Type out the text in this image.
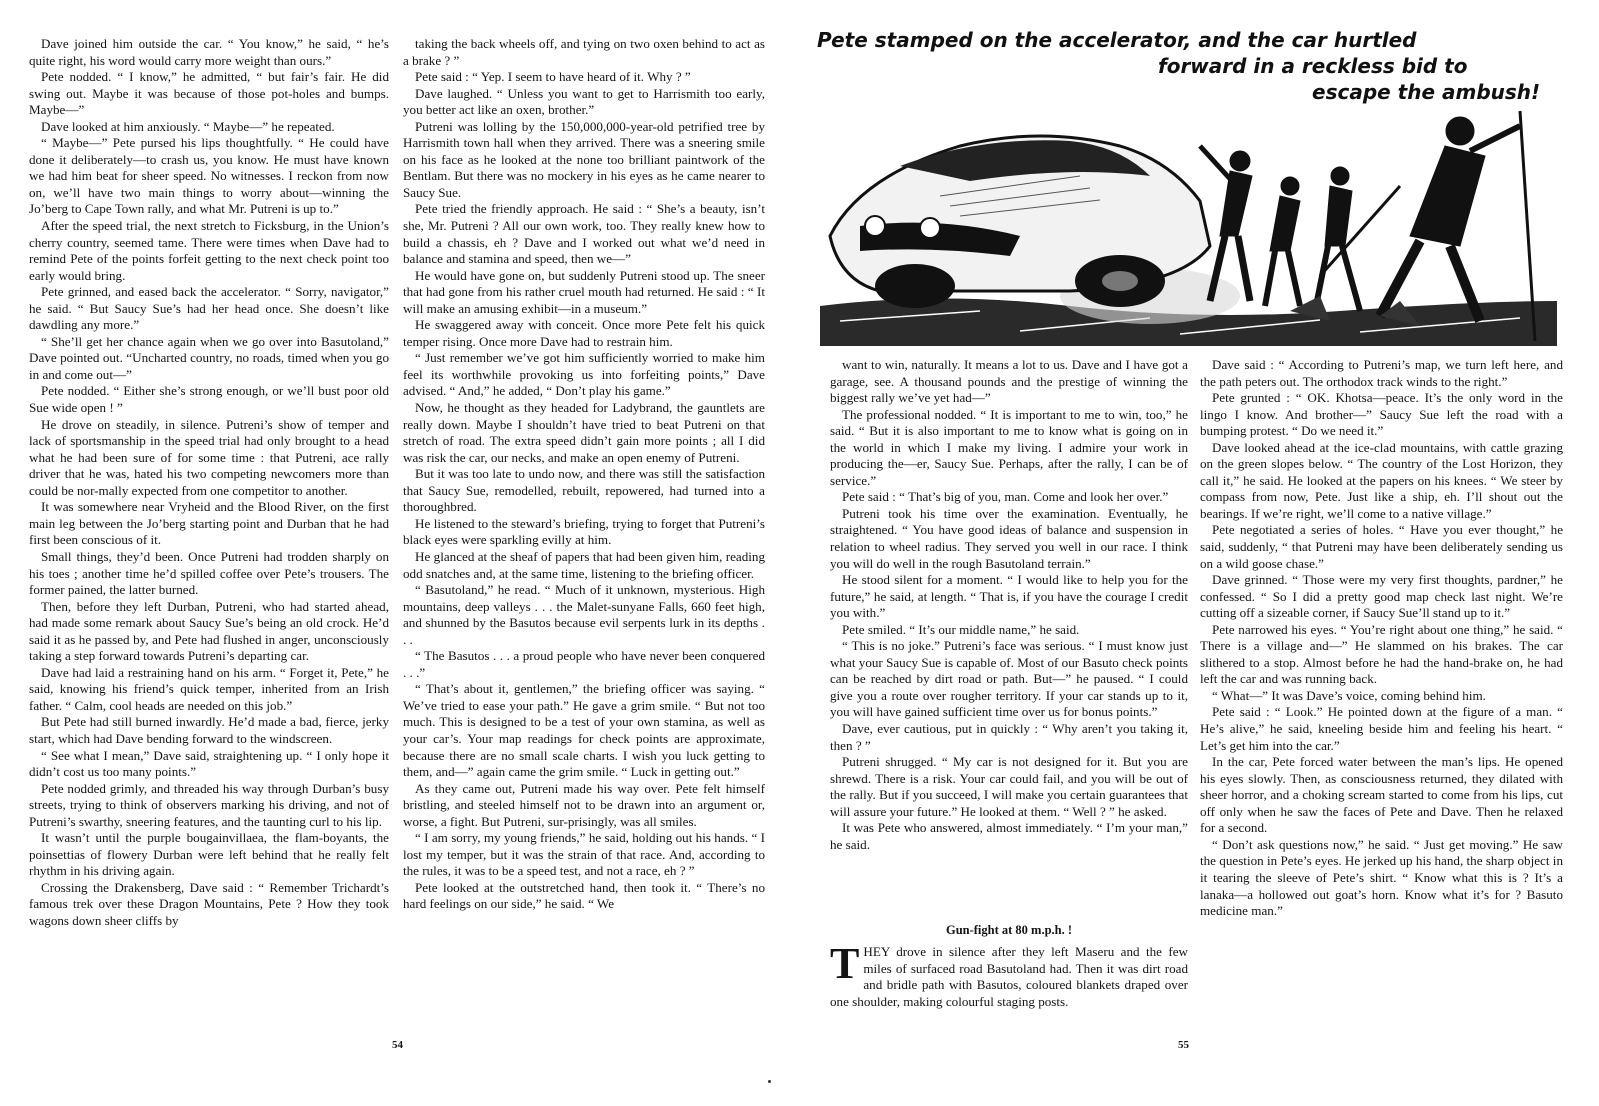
Dave joined him outside the car. “ You know,” he said, “ he’s quite right, his word would carry more weight than ours.”

Pete nodded. “ I know,” he admitted, “ but fair’s fair. He did swing out. Maybe it was because of those pot-holes and bumps. Maybe—”

Dave looked at him anxiously. “ Maybe—” he repeated.

“ Maybe—” Pete pursed his lips thoughtfully. “ He could have done it deliberately—to crash us, you know. He must have known we had him beat for sheer speed. No witnesses. I reckon from now on, we’ll have two main things to worry about—winning the Jo’berg to Cape Town rally, and what Mr. Putreni is up to.”

After the speed trial, the next stretch to Ficksburg, in the Union’s cherry country, seemed tame. There were times when Dave had to remind Pete of the points forfeit getting to the next check point too early would bring.

Pete grinned, and eased back the accelerator. “ Sorry, navigator,” he said. “ But Saucy Sue’s had her head once. She doesn’t like dawdling any more.”

“ She’ll get her chance again when we go over into Basutoland,” Dave pointed out. “Uncharted country, no roads, timed when you go in and come out—”

Pete nodded. “ Either she’s strong enough, or we’ll bust poor old Sue wide open ! ”

He drove on steadily, in silence. Putreni’s show of temper and lack of sportsmanship in the speed trial had only brought to a head what he had been sure of for some time : that Putreni, ace rally driver that he was, hated his two competing newcomers more than could be nor-mally expected from one competitor to another.

It was somewhere near Vryheid and the Blood River, on the first main leg between the Jo’berg starting point and Durban that he had first been conscious of it.

Small things, they’d been. Once Putreni had trodden sharply on his toes ; another time he’d spilled coffee over Pete’s trousers. The former pained, the latter burned.

Then, before they left Durban, Putreni, who had started ahead, had made some remark about Saucy Sue’s being an old crock. He’d said it as he passed by, and Pete had flushed in anger, unconsciously taking a step forward towards Putreni’s departing car.

Dave had laid a restraining hand on his arm. “ Forget it, Pete,” he said, knowing his friend’s quick temper, inherited from an Irish father. “ Calm, cool heads are needed on this job.”

But Pete had still burned inwardly. He’d made a bad, fierce, jerky start, which had Dave bending forward to the windscreen.

“ See what I mean,” Dave said, straightening up. “ I only hope it didn’t cost us too many points.”

Pete nodded grimly, and threaded his way through Durban’s busy streets, trying to think of observers marking his driving, and not of Putreni’s swarthy, sneering features, and the taunting curl to his lip.

It wasn’t until the purple bougainvillaea, the flam-boyants, the poinsettias of flowery Durban were left behind that he really felt rhythm in his driving again.

Crossing the Drakensberg, Dave said : “ Remember Trichardt’s famous trek over these Dragon Mountains, Pete ? How they took wagons down sheer cliffs by

taking the back wheels off, and tying on two oxen behind to act as a brake ? ”

Pete said : “ Yep. I seem to have heard of it. Why ? ”

Dave laughed. “ Unless you want to get to Harrismith too early, you better act like an oxen, brother.”

Putreni was lolling by the 150,000,000-year-old petrified tree by Harrismith town hall when they arrived. There was a sneering smile on his face as he looked at the none too brilliant paintwork of the Bentlam. But there was no mockery in his eyes as he came nearer to Saucy Sue.

Pete tried the friendly approach. He said : “ She’s a beauty, isn’t she, Mr. Putreni ? All our own work, too. They really knew how to build a chassis, eh ? Dave and I worked out what we’d need in balance and stamina and speed, then we—”

He would have gone on, but suddenly Putreni stood up. The sneer that had gone from his rather cruel mouth had returned. He said : “ It will make an amusing exhibit—in a museum.”

He swaggered away with conceit. Once more Pete felt his quick temper rising. Once more Dave had to restrain him.

“ Just remember we’ve got him sufficiently worried to make him feel its worthwhile provoking us into forfeiting points,” Dave advised. “ And,” he added, “ Don’t play his game.”

Now, he thought as they headed for Ladybrand, the gauntlets are really down. Maybe I shouldn’t have tried to beat Putreni on that stretch of road. The extra speed didn’t gain more points ; all I did was risk the car, our necks, and make an open enemy of Putreni.

But it was too late to undo now, and there was still the satisfaction that Saucy Sue, remodelled, rebuilt, repowered, had turned into a thoroughbred.

He listened to the steward’s briefing, trying to forget that Putreni’s black eyes were sparkling evilly at him.

He glanced at the sheaf of papers that had been given him, reading odd snatches and, at the same time, listening to the briefing officer.

“ Basutoland,” he read. “ Much of it unknown, mysterious. High mountains, deep valleys . . . the Malet-sunyane Falls, 660 feet high, and shunned by the Basutos because evil serpents lurk in its depths . . .

“ The Basutos . . . a proud people who have never been conquered . . .”

“ That’s about it, gentlemen,” the briefing officer was saying. “ We’ve tried to ease your path.” He gave a grim smile. “ But not too much. This is designed to be a test of your own stamina, as well as your car’s. Your map readings for check points are approximate, because there are no small scale charts. I wish you luck getting to them, and—” again came the grim smile. “ Luck in getting out.”

As they came out, Putreni made his way over. Pete felt himself bristling, and steeled himself not to be drawn into an argument or, worse, a fight. But Putreni, sur-prisingly, was all smiles.

“ I am sorry, my young friends,” he said, holding out his hands. “ I lost my temper, but it was the strain of that race. And, according to the rules, it was to be a speed test, and not a race, eh ? ”

Pete looked at the outstretched hand, then took it. “ There’s no hard feelings on our side,” he said. “ We

54
Pete stamped on the accelerator, and the car hurtled
forward in a reckless bid to
escape the ambush!

want to win, naturally. It means a lot to us. Dave and I have got a garage, see. A thousand pounds and the prestige of winning the biggest rally we’ve yet had—”

The professional nodded. “ It is important to me to win, too,” he said. “ But it is also important to me to know what is going on in the world in which I make my living. I admire your work in producing the—er, Saucy Sue. Perhaps, after the rally, I can be of service.”

Pete said : “ That’s big of you, man. Come and look her over.”

Putreni took his time over the examination. Eventually, he straightened. “ You have good ideas of balance and suspension in relation to wheel radius. They served you well in our race. I think you will do well in the rough Basutoland terrain.”

He stood silent for a moment. “ I would like to help you for the future,” he said, at length. “ That is, if you have the courage I credit you with.”

Pete smiled. “ It’s our middle name,” he said.

“ This is no joke.” Putreni’s face was serious. “ I must know just what your Saucy Sue is capable of. Most of our Basuto check points can be reached by dirt road or path. But—” he paused. “ I could give you a route over rougher territory. If your car stands up to it, you will have gained sufficient time over us for bonus points.”

Dave, ever cautious, put in quickly : “ Why aren’t you taking it, then ? ”

Putreni shrugged. “ My car is not designed for it. But you are shrewd. There is a risk. Your car could fail, and you will be out of the rally. But if you succeed, I will make you certain guarantees that will assure your future.” He looked at them. “ Well ? ” he asked.

It was Pete who answered, almost immediately. “ I’m your man,” he said.

Gun-fight at 80 m.p.h. !

THEY drove in silence after they left Maseru and the few miles of surfaced road Basutoland had. Then it was dirt road and bridle path with Basutos, coloured blankets draped over one shoulder, making colourful staging posts.

Dave said : “ According to Putreni’s map, we turn left here, and the path peters out. The orthodox track winds to the right.”

Pete grunted : “ OK. Khotsa—peace. It’s the only word in the lingo I know. And brother—” Saucy Sue left the road with a bumping protest. “ Do we need it.”

Dave looked ahead at the ice-clad mountains, with cattle grazing on the green slopes below. “ The country of the Lost Horizon, they call it,” he said. He looked at the papers on his knees. “ We steer by compass from now, Pete. Just like a ship, eh. I’ll shout out the bearings. If we’re right, we’ll come to a native village.”

Pete negotiated a series of holes. “ Have you ever thought,” he said, suddenly, “ that Putreni may have been deliberately sending us on a wild goose chase.”

Dave grinned. “ Those were my very first thoughts, pardner,” he confessed. “ So I did a pretty good map check last night. We’re cutting off a sizeable corner, if Saucy Sue’ll stand up to it.”

Pete narrowed his eyes. “ You’re right about one thing,” he said. “ There is a village and—” He slammed on his brakes. The car slithered to a stop. Almost before he had the hand-brake on, he had left the car and was running back.

“ What—” It was Dave’s voice, coming behind him.

Pete said : “ Look.” He pointed down at the figure of a man. “ He’s alive,” he said, kneeling beside him and feeling his heart. “ Let’s get him into the car.”

In the car, Pete forced water between the man’s lips. He opened his eyes slowly. Then, as consciousness returned, they dilated with sheer horror, and a choking scream started to come from his lips, cut off only when he saw the faces of Pete and Dave. Then he relaxed for a second.

“ Don’t ask questions now,” he said. “ Just get moving.” He saw the question in Pete’s eyes. He jerked up his hand, the sharp object in it tearing the sleeve of Pete’s shirt. “ Know what this is ? It’s a lanaka—a hollowed out goat’s horn. Know what it’s for ? Basuto medicine man.”

55
